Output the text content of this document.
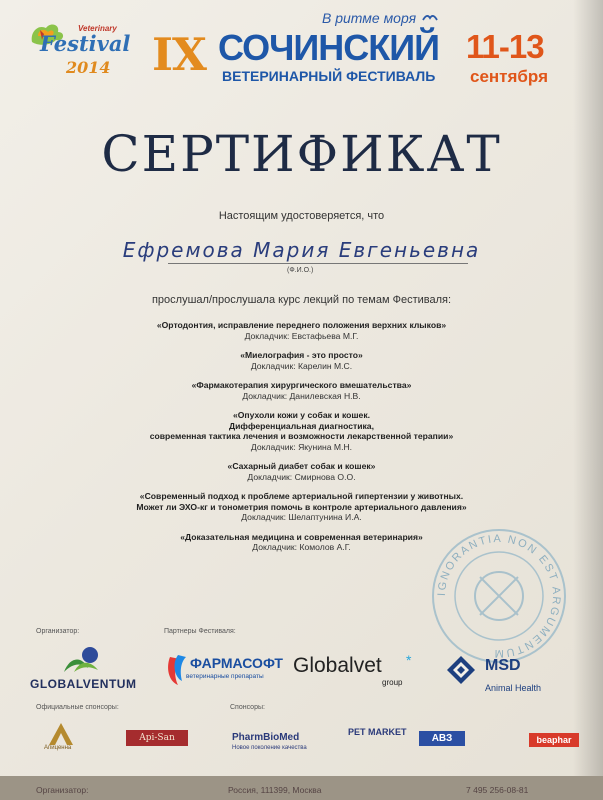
Veterinary
Festival
2014
В ритме моря
IX СОЧИНСКИЙ
ВЕТЕРИНАРНЫЙ ФЕСТИВАЛЬ
11-13
сентября
СЕРТИФИКАТ
Настоящим удостоверяется, что
Ефремова Мария Евгеньевна
(Ф.И.О.)
прослушал/прослушала курс лекций по темам Фестиваля:
«Ортодонтия, исправление переднего положения верхних клыков»
Докладчик: Евстафьева М.Г.
«Миелография - это просто»
Докладчик: Карелин М.С.
«Фармакотерапия хирургического вмешательства»
Докладчик: Данилевская Н.В.
«Опухоли кожи у собак и кошек.
Дифференциальная диагностика,
современная тактика лечения и возможности лекарственной терапии»
Докладчик: Якунина М.Н.
«Сахарный диабет собак и кошек»
Докладчик: Смирнова О.О.
«Современный подход к проблеме артериальной гипертензии у животных.
Может ли ЭХО-кг и тонометрия помочь в контроле артериального давления»
Докладчик: Шелаптунина И.А.
«Доказательная медицина и современная ветеринария»
Докладчик: Комолов А.Г.
IGNORANTIA NON EST ARGUMENTUM
Организатор:	Партнеры Фестиваля:
Официальные спонсоры:	Спонсоры:
GLOBALVENTUM
ФАРМАСОФТ
ветеринарные препараты Globalvet *
group
MSD
Animal Health
Апиценна
Api-San	PharmBioMed
Новое поколение качества
PET MARKET
АВЗ	beaphar
Организатор:	Россия, 111399, Москва	7 495 256-08-81
